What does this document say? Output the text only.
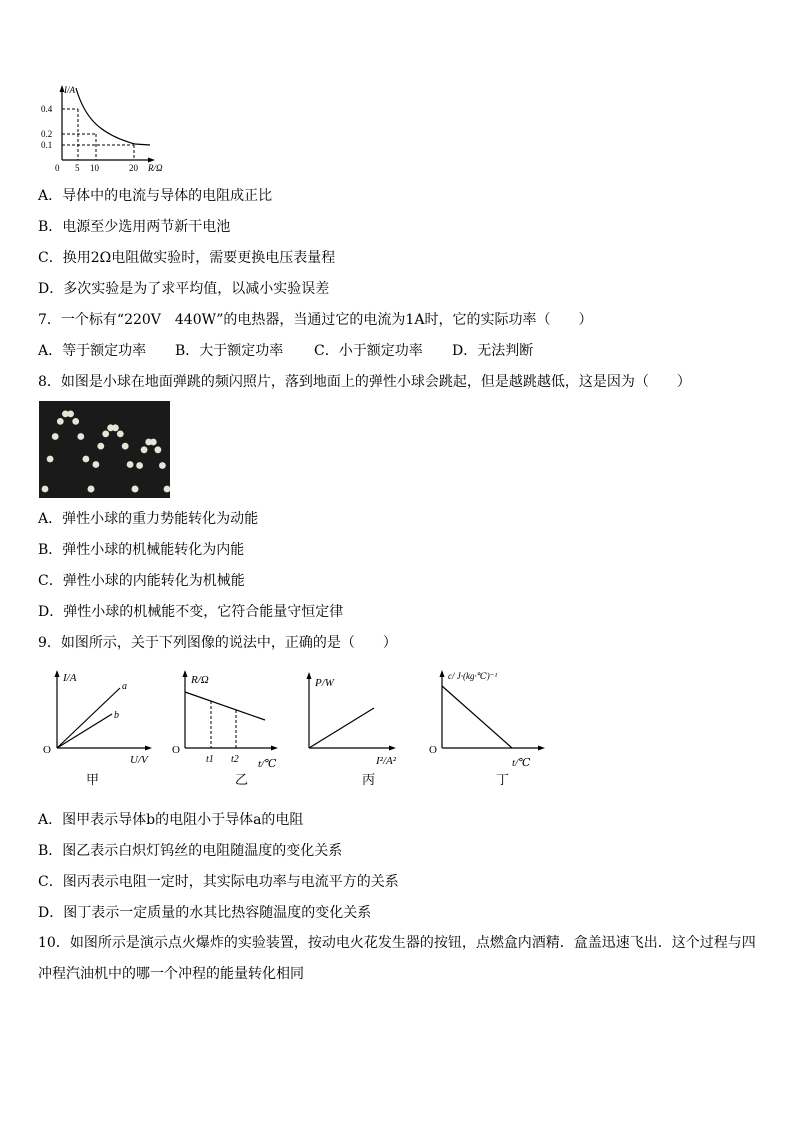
I/A
0.4
0.2
0.1
0 5 10	20 R/Ω
A．导体中的电流与导体的电阻成正比
B．电源至少选用两节新干电池
C．换用2Ω电阻做实验时，需要更换电压表量程
D．多次实验是为了求平均值，以减小实验误差
7．一个标有“220V　440W”的电热器，当通过它的电流为1A时，它的实际功率（　　）
A．等于额定功率 B．大于额定功率 C．小于额定功率 D．无法判断
8．如图是小球在地面弹跳的频闪照片，落到地面上的弹性小球会跳起，但是越跳越低，这是因为（　　）
A．弹性小球的重力势能转化为动能
B．弹性小球的机械能转化为内能
C．弹性小球的内能转化为机械能
D．弹性小球的机械能不变，它符合能量守恒定律
9．如图所示，关于下列图像的说法中，正确的是（　　）
I/A
O
a
b
U/V
甲
R/Ω
O
t1 t2 t/℃
乙
P/W
I²/A²
丙
c/ J·(kg·℃)⁻¹
O
t/℃
丁
A．图甲表示导体b的电阻小于导体a的电阻
B．图乙表示白炽灯钨丝的电阻随温度的变化关系
C．图丙表示电阻一定时，其实际电功率与电流平方的关系
D．图丁表示一定质量的水其比热容随温度的变化关系
10．如图所示是演示点火爆炸的实验装置，按动电火花发生器的按钮，点燃盒内酒精．盒盖迅速飞出．这个过程与四冲程汽油机中的哪一个冲程的能量转化相同
